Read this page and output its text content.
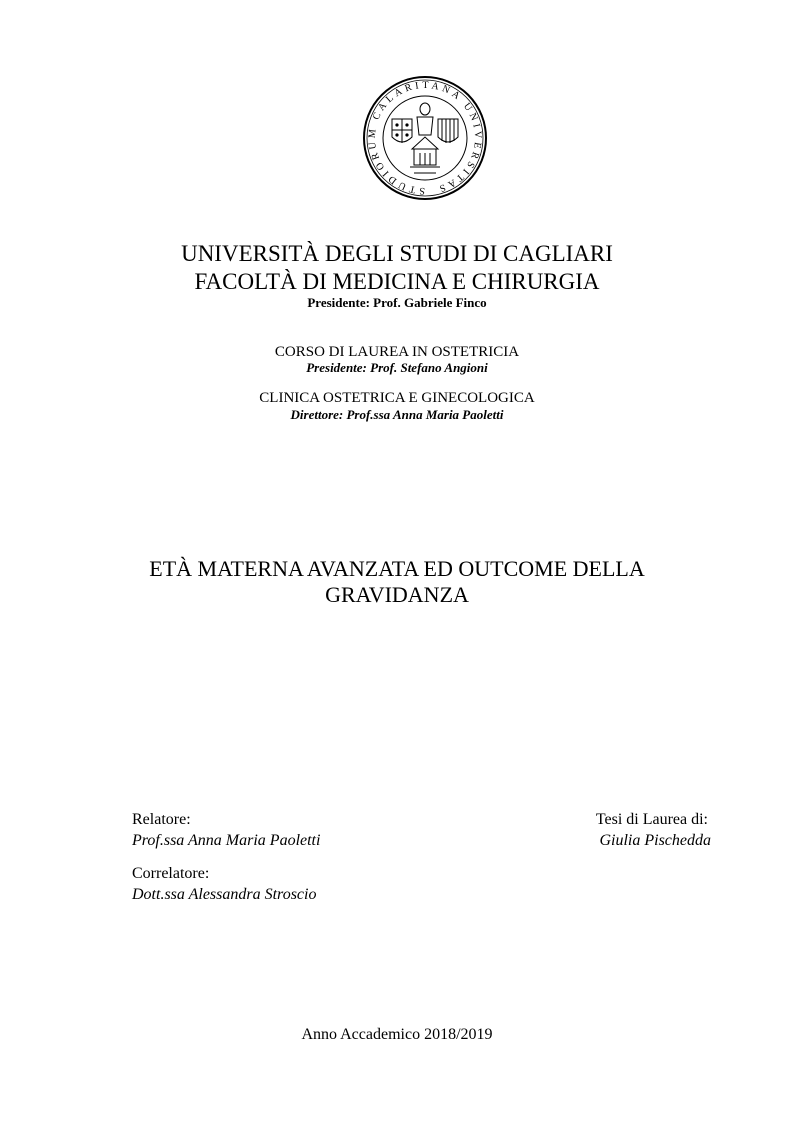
STUDIORUM CALARITANA UNIVERSITAS
UNIVERSITÀ DEGLI STUDI DI CAGLIARI
FACOLTÀ DI MEDICINA E CHIRURGIA
Presidente: Prof. Gabriele Finco
CORSO DI LAUREA IN OSTETRICIA
Presidente: Prof. Stefano Angioni
CLINICA OSTETRICA E GINECOLOGICA
Direttore: Prof.ssa Anna Maria Paoletti
ETÀ MATERNA AVANZATA ED OUTCOME DELLA
GRAVIDANZA
Relatore:
Prof.ssa Anna Maria Paoletti
Correlatore:
Dott.ssa Alessandra Stroscio
Tesi di Laurea di:
Giulia Pischedda
Anno Accademico 2018/2019
